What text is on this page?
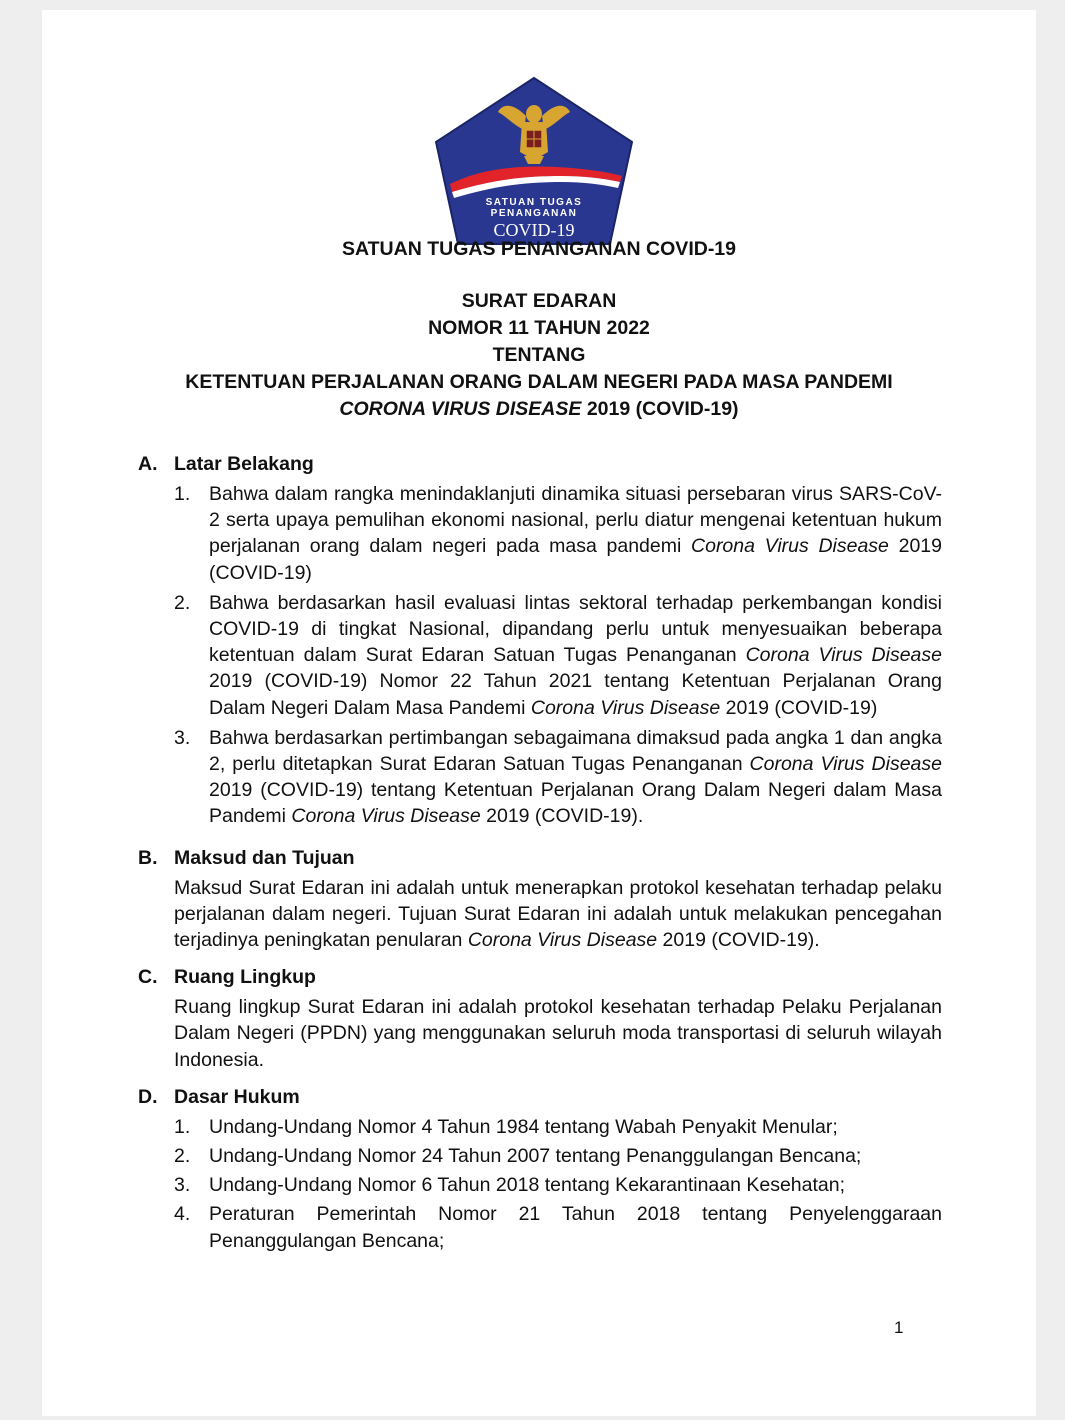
SATUAN TUGAS
PENANGANAN
COVID-19
SATUAN TUGAS PENANGANAN COVID-19
SURAT EDARAN
NOMOR 11 TAHUN 2022
TENTANG
KETENTUAN PERJALANAN ORANG DALAM NEGERI PADA MASA PANDEMI
CORONA VIRUS DISEASE 2019 (COVID-19)
A. Latar Belakang
1. Bahwa dalam rangka menindaklanjuti dinamika situasi persebaran virus SARS-CoV-2 serta upaya pemulihan ekonomi nasional, perlu diatur mengenai ketentuan hukum perjalanan orang dalam negeri pada masa pandemi Corona Virus Disease 2019 (COVID-19)
2. Bahwa berdasarkan hasil evaluasi lintas sektoral terhadap perkembangan kondisi COVID-19 di tingkat Nasional, dipandang perlu untuk menyesuaikan beberapa ketentuan dalam Surat Edaran Satuan Tugas Penanganan Corona Virus Disease 2019 (COVID-19) Nomor 22 Tahun 2021 tentang Ketentuan Perjalanan Orang Dalam Negeri Dalam Masa Pandemi Corona Virus Disease 2019 (COVID-19)
3. Bahwa berdasarkan pertimbangan sebagaimana dimaksud pada angka 1 dan angka 2, perlu ditetapkan Surat Edaran Satuan Tugas Penanganan Corona Virus Disease 2019 (COVID-19) tentang Ketentuan Perjalanan Orang Dalam Negeri dalam Masa Pandemi Corona Virus Disease 2019 (COVID-19).
B. Maksud dan Tujuan
Maksud Surat Edaran ini adalah untuk menerapkan protokol kesehatan terhadap pelaku perjalanan dalam negeri. Tujuan Surat Edaran ini adalah untuk melakukan pencegahan terjadinya peningkatan penularan Corona Virus Disease 2019 (COVID-19).
C. Ruang Lingkup
Ruang lingkup Surat Edaran ini adalah protokol kesehatan terhadap Pelaku Perjalanan Dalam Negeri (PPDN) yang menggunakan seluruh moda transportasi di seluruh wilayah Indonesia.
D. Dasar Hukum
1. Undang-Undang Nomor 4 Tahun 1984 tentang Wabah Penyakit Menular;
2. Undang-Undang Nomor 24 Tahun 2007 tentang Penanggulangan Bencana;
3. Undang-Undang Nomor 6 Tahun 2018 tentang Kekarantinaan Kesehatan;
4. Peraturan Pemerintah Nomor 21 Tahun 2018 tentang Penyelenggaraan Penanggulangan Bencana;
1
